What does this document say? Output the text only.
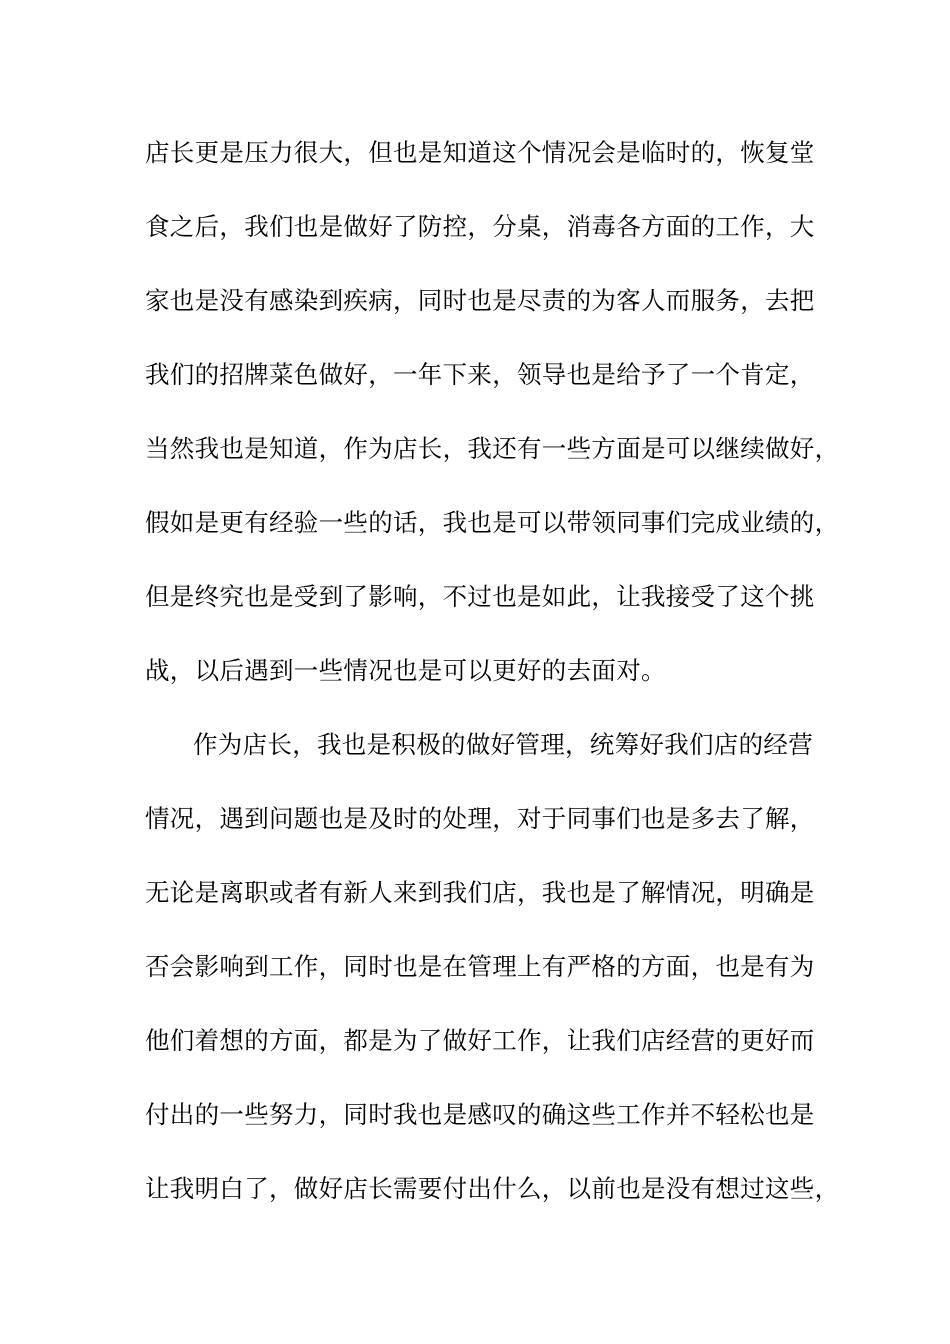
店长更是压力很大，但也是知道这个情况会是临时的，恢复堂
食之后，我们也是做好了防控，分桌，消毒各方面的工作，大
家也是没有感染到疾病，同时也是尽责的为客人而服务，去把
我们的招牌菜色做好，一年下来，领导也是给予了一个肯定，
当然我也是知道，作为店长，我还有一些方面是可以继续做好，
假如是更有经验一些的话，我也是可以带领同事们完成业绩的，
但是终究也是受到了影响，不过也是如此，让我接受了这个挑
战，以后遇到一些情况也是可以更好的去面对。
作为店长，我也是积极的做好管理，统筹好我们店的经营
情况，遇到问题也是及时的处理，对于同事们也是多去了解，
无论是离职或者有新人来到我们店，我也是了解情况，明确是
否会影响到工作，同时也是在管理上有严格的方面，也是有为
他们着想的方面，都是为了做好工作，让我们店经营的更好而
付出的一些努力，同时我也是感叹的确这些工作并不轻松也是
让我明白了，做好店长需要付出什么，以前也是没有想过这些，
